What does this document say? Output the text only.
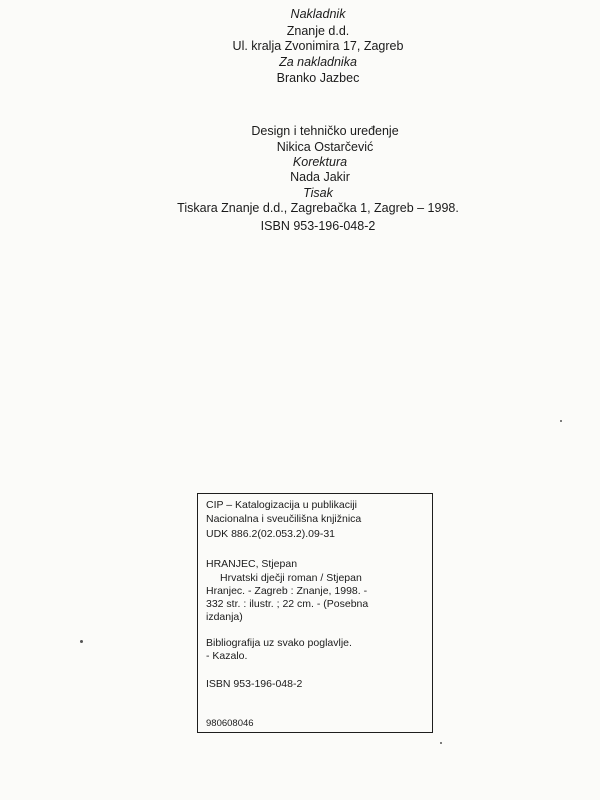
Nakladnik
Znanje d.d.
Ul. kralja Zvonimira 17, Zagreb
Za nakladnika
Branko Jazbec
Design i tehničko uređenje
Nikica Ostarčević
Korektura
Nada Jakir
Tisak
Tiskara Znanje d.d., Zagrebačka 1, Zagreb – 1998.
ISBN 953-196-048-2
CIP – Katalogizacija u publikaciji
Nacionalna i sveučilišna knjižnica
UDK 886.2(02.053.2).09-31
HRANJEC, Stjepan
Hrvatski dječji roman / Stjepan
Hranjec. - Zagreb : Znanje, 1998. -
332 str. : ilustr. ; 22 cm. - (Posebna
izdanja)
Bibliografija uz svako poglavlje.
- Kazalo.
ISBN 953-196-048-2
980608046
